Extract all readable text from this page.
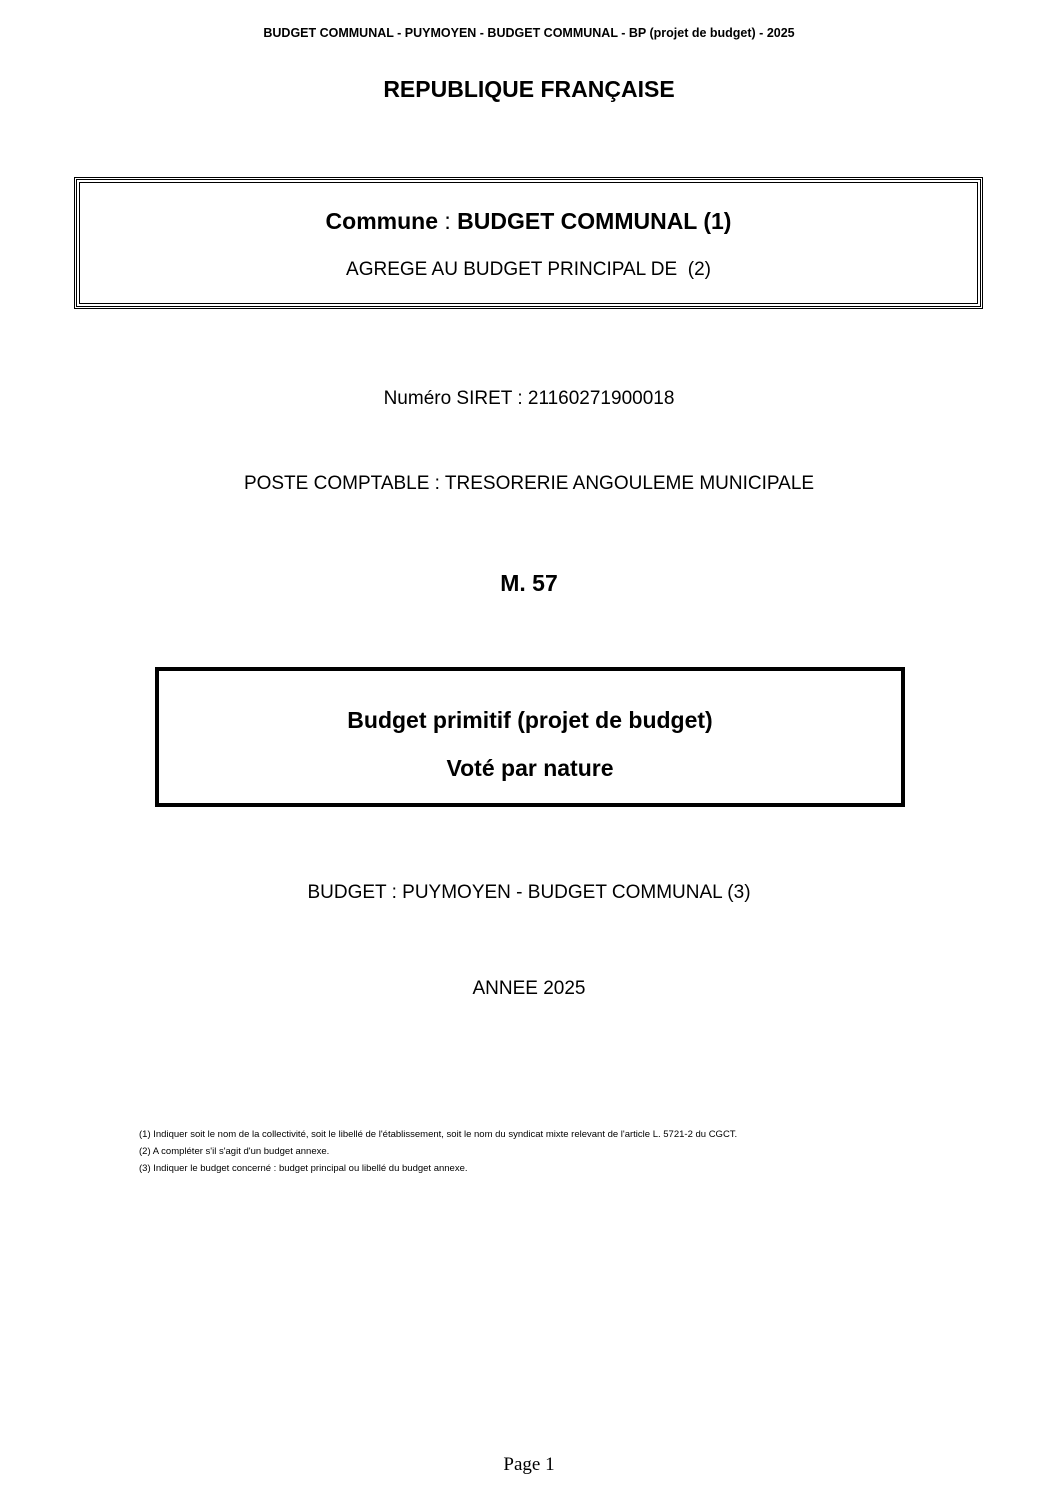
BUDGET COMMUNAL - PUYMOYEN - BUDGET COMMUNAL - BP (projet de budget) - 2025
REPUBLIQUE FRANÇAISE
Commune : BUDGET COMMUNAL (1)
AGREGE AU BUDGET PRINCIPAL DE  (2)
Numéro SIRET : 21160271900018
POSTE COMPTABLE : TRESORERIE ANGOULEME MUNICIPALE
M. 57
Budget primitif (projet de budget)
Voté par nature
BUDGET : PUYMOYEN - BUDGET COMMUNAL (3)
ANNEE 2025
(1) Indiquer soit le nom de la collectivité, soit le libellé de l'établissement, soit le nom du syndicat mixte relevant de l'article L. 5721-2 du CGCT.
(2) A compléter s'il s'agit d'un budget annexe.
(3) Indiquer le budget concerné : budget principal ou libellé du budget annexe.
Page 1
